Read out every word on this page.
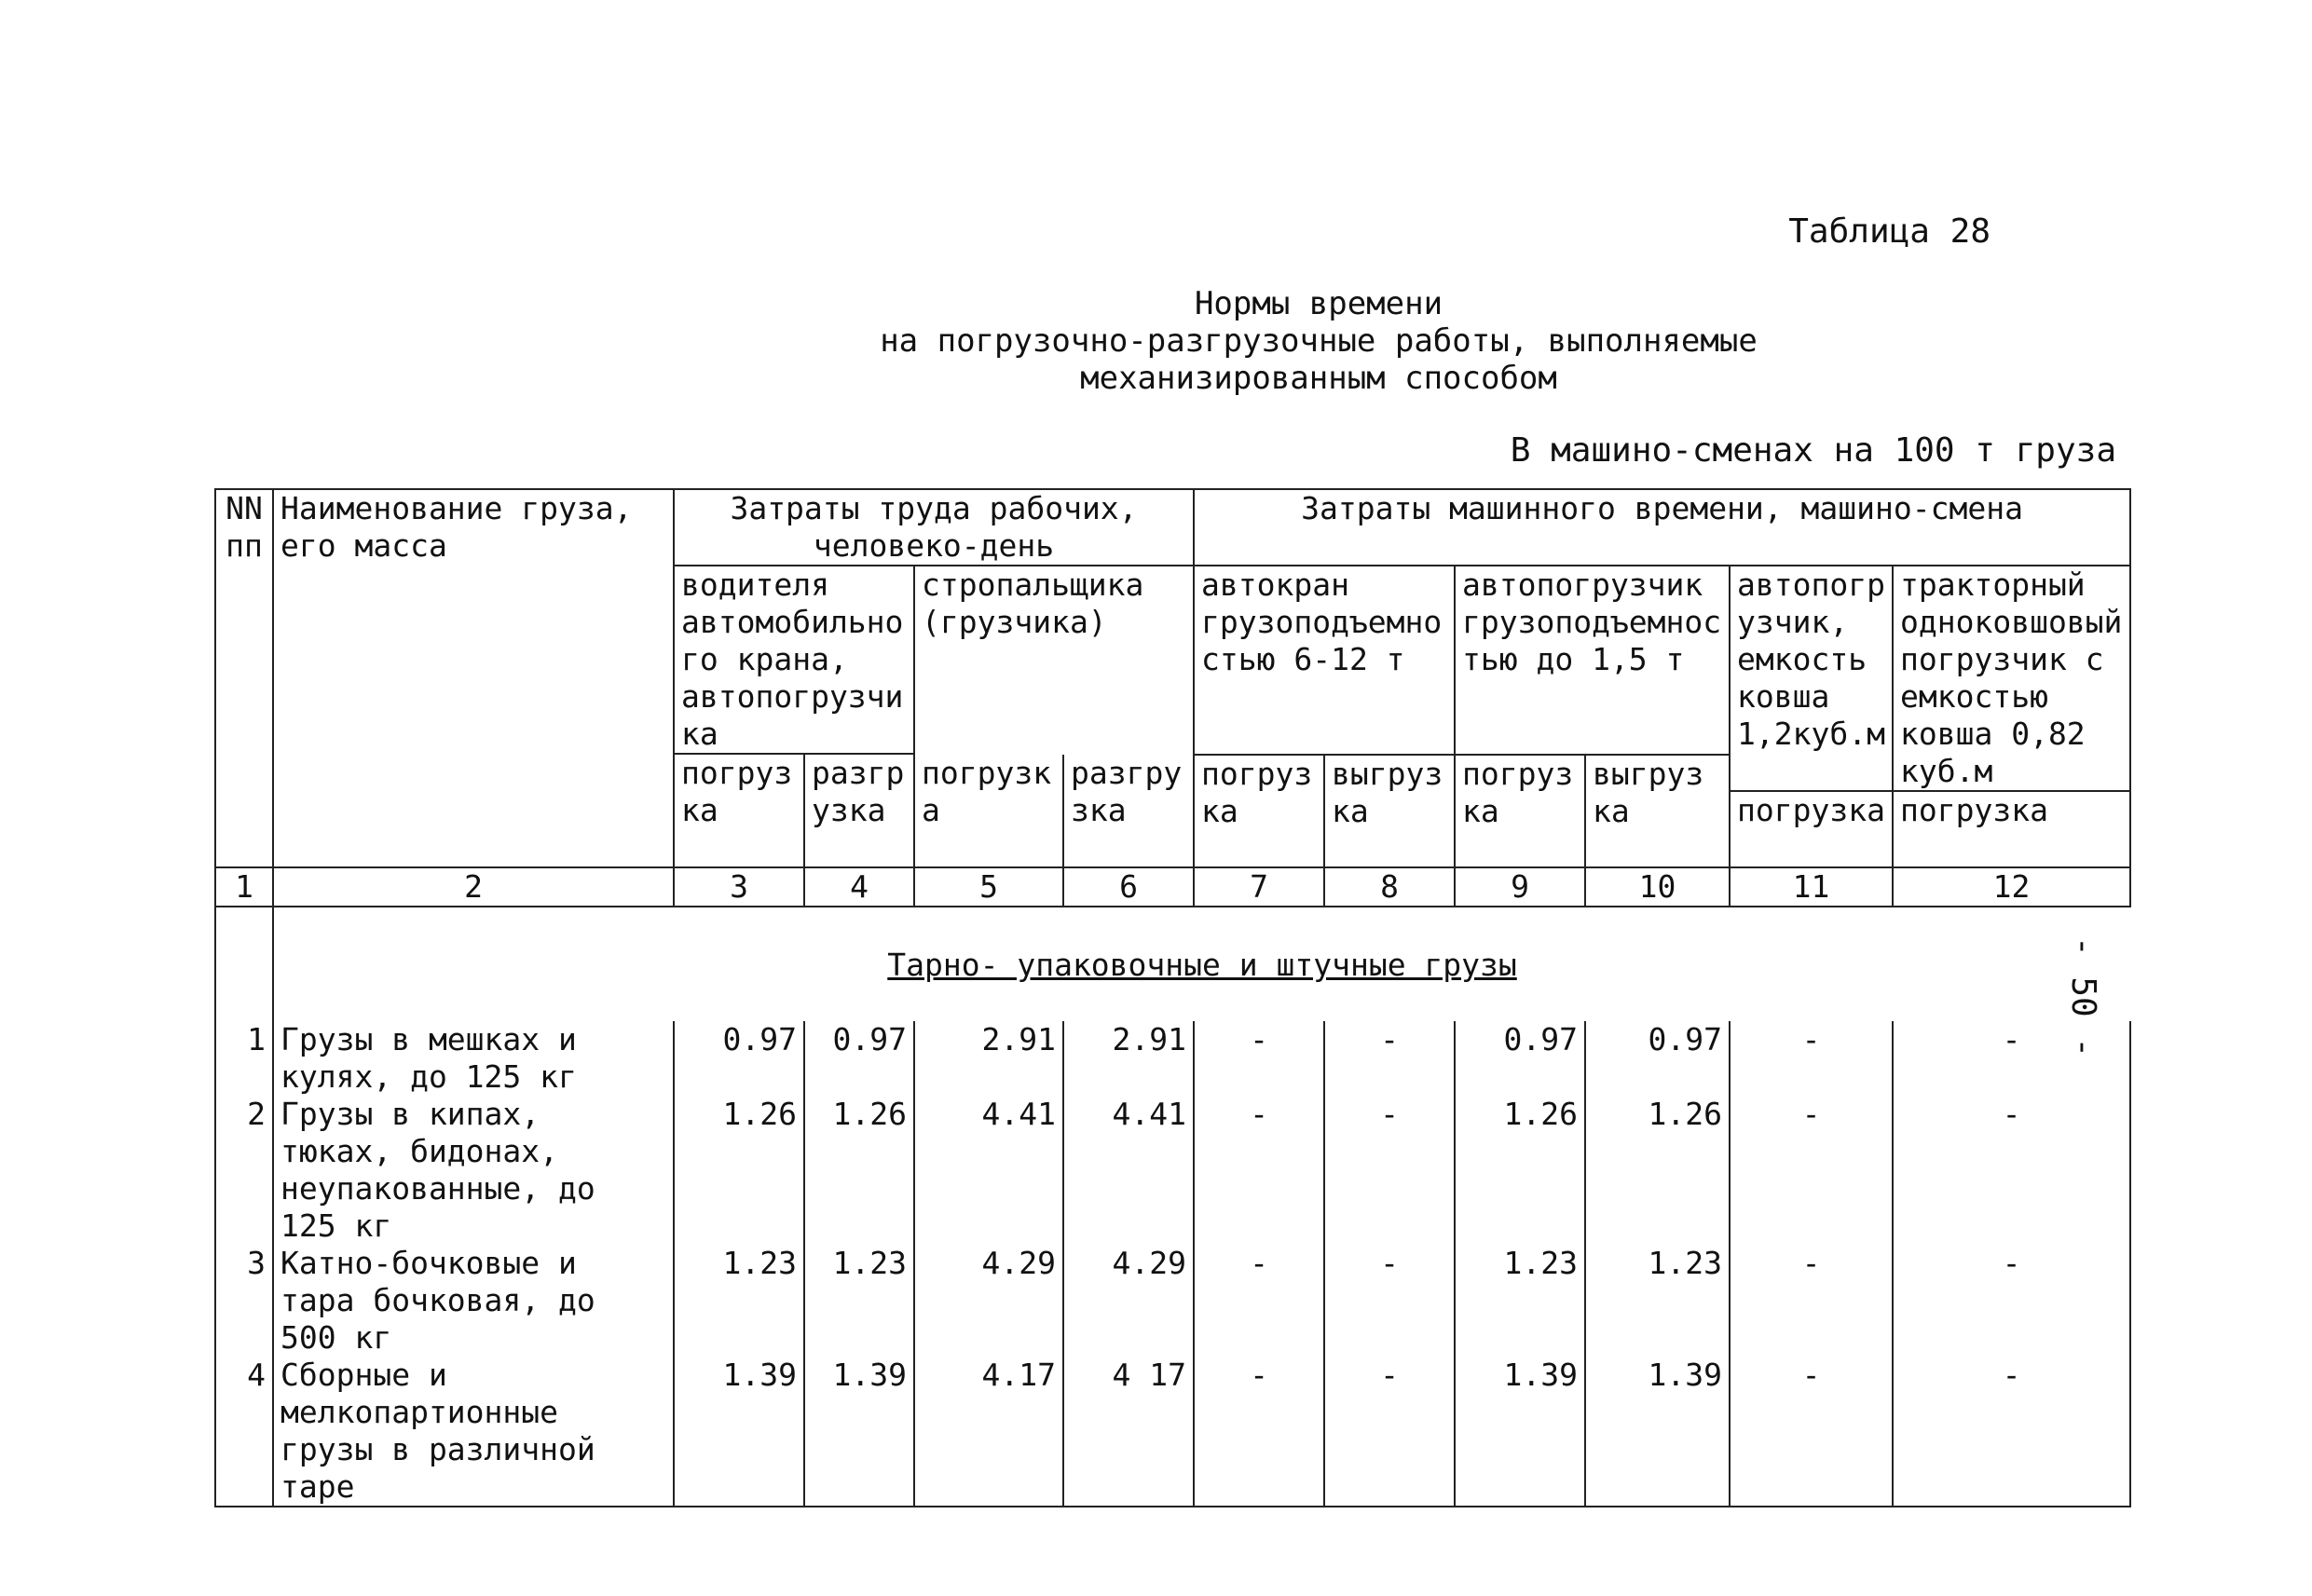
Таблица 28
Нормы времени
на погрузочно-разгрузочные работы, выполняемые
механизированным способом
В машино-сменах на 100 т груза
- 50 -
NN пп	Наименование груза, его масса	Затраты труда рабочих, человеко-день				Затраты машинного времени, машино-смена						
		водителя автомобильного крана, автопогрузчика		стропальщика (грузчика)		автокран грузоподъемностью 6-12 т		автопогрузчик грузоподъемностью до 1,5 т		автопогрузчик, емкость ковша 1,2куб.м	тракторный одноковшовый погрузчик с емкостью ковша 0,82 куб.м	

		погрузка	разгрузка	погрузка	разгрузка	погрузка	выгрузка	погрузка	выгрузка			
										погрузка	погрузка	

1	2	3	4	5	6	7	8	9	10	11	12	
	Тарно- упаковочные и штучные грузы											
1	Грузы в мешках и кулях, до 125 кг	0.97	0.97	2.91	2.91	-	-	0.97	0.97	-	-	
2	Грузы в кипах, тюках, бидонах, неупакованные, до 125 кг	1.26	1.26	4.41	4.41	-	-	1.26	1.26	-	-	
3	Катно-бочковые и тара бочковая, до 500 кг	1.23	1.23	4.29	4.29	-	-	1.23	1.23	-	-	
4	Сборные и мелкопартионные грузы в различной таре	1.39	1.39	4.17	4 17	-	-	1.39	1.39	-	-	
